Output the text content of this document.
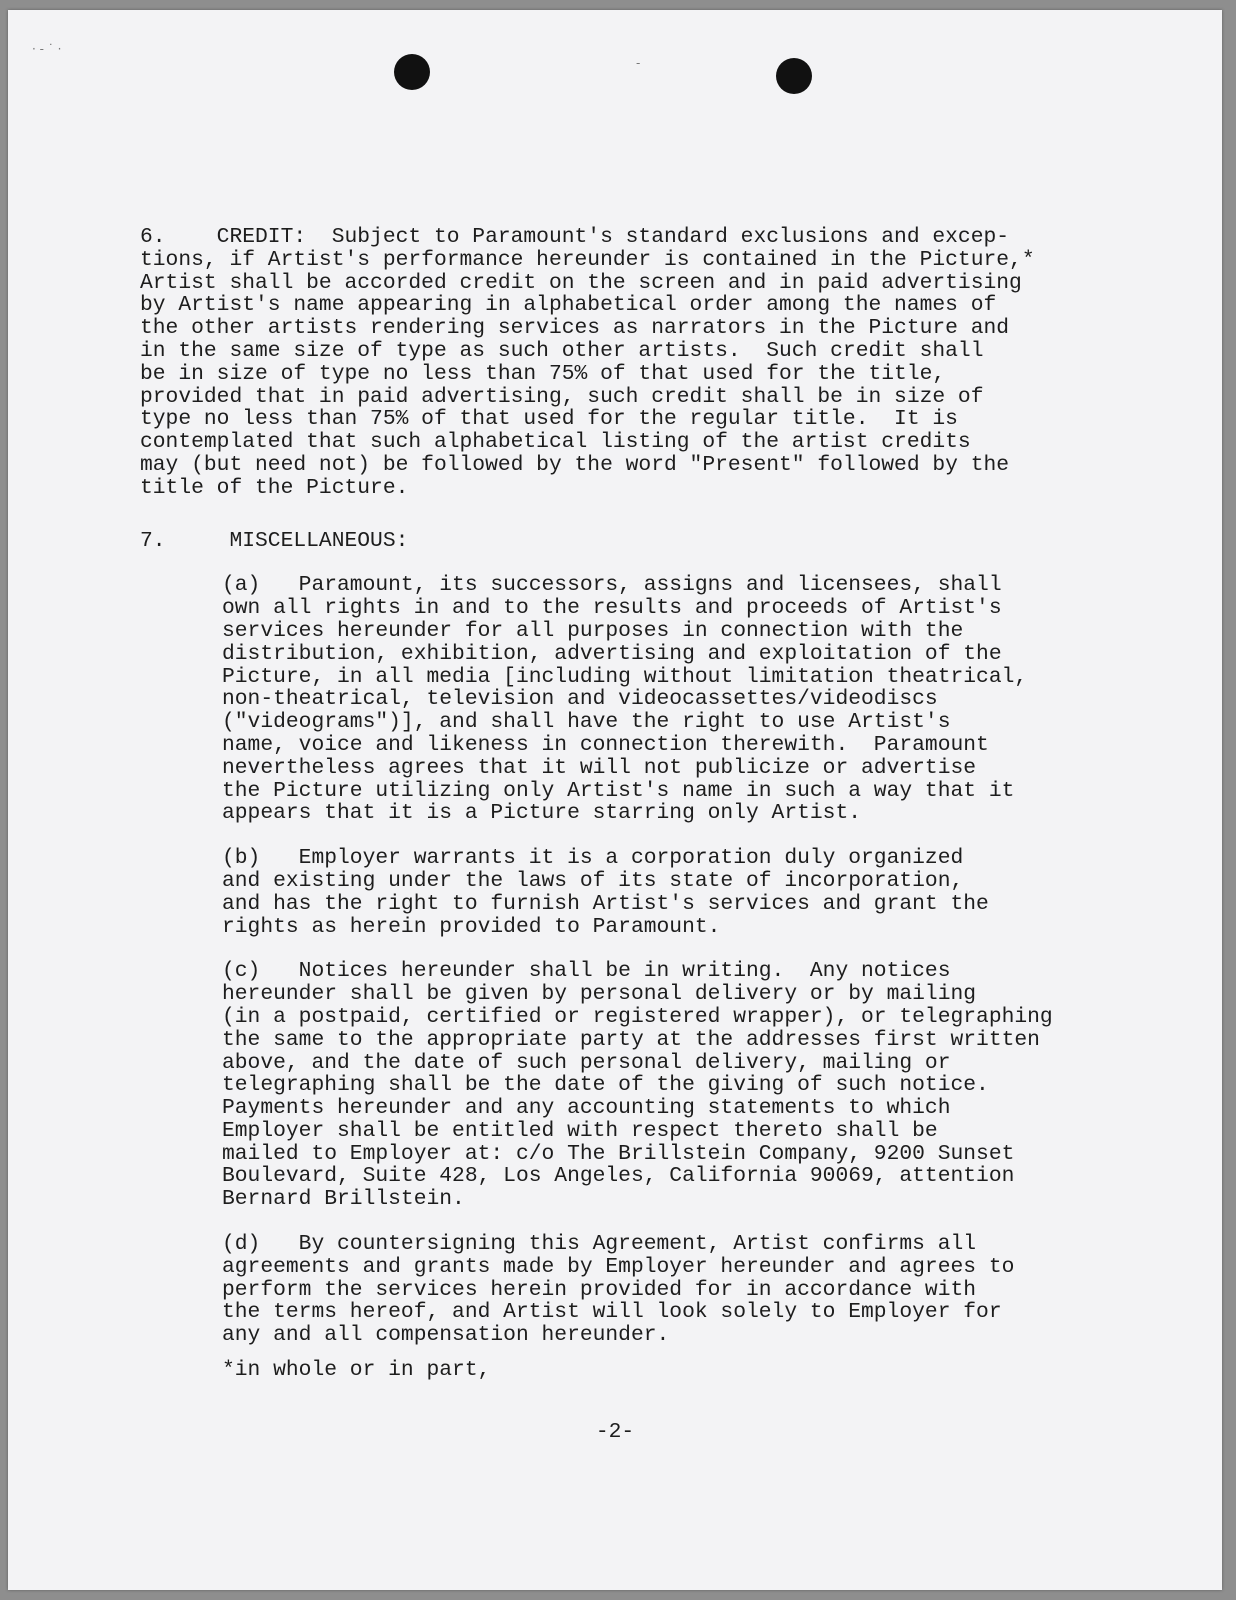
· ‐ ˙ ·
‐
6.    CREDIT:  Subject to Paramount's standard exclusions and excep-
tions, if Artist's performance hereunder is contained in the Picture,*
Artist shall be accorded credit on the screen and in paid advertising
by Artist's name appearing in alphabetical order among the names of
the other artists rendering services as narrators in the Picture and
in the same size of type as such other artists.  Such credit shall
be in size of type no less than 75% of that used for the title,
provided that in paid advertising, such credit shall be in size of
type no less than 75% of that used for the regular title.  It is
contemplated that such alphabetical listing of the artist credits
may (but need not) be followed by the word "Present" followed by the
title of the Picture.
7.	MISCELLANEOUS:
(a)   Paramount, its successors, assigns and licensees, shall
own all rights in and to the results and proceeds of Artist's
services hereunder for all purposes in connection with the
distribution, exhibition, advertising and exploitation of the
Picture, in all media [including without limitation theatrical,
non-theatrical, television and videocassettes/videodiscs
("videograms")], and shall have the right to use Artist's
name, voice and likeness in connection therewith.  Paramount
nevertheless agrees that it will not publicize or advertise
the Picture utilizing only Artist's name in such a way that it
appears that it is a Picture starring only Artist.
(b)   Employer warrants it is a corporation duly organized
and existing under the laws of its state of incorporation,
and has the right to furnish Artist's services and grant the
rights as herein provided to Paramount.
(c)   Notices hereunder shall be in writing.  Any notices
hereunder shall be given by personal delivery or by mailing
(in a postpaid, certified or registered wrapper), or telegraphing
the same to the appropriate party at the addresses first written
above, and the date of such personal delivery, mailing or
telegraphing shall be the date of the giving of such notice.
Payments hereunder and any accounting statements to which
Employer shall be entitled with respect thereto shall be
mailed to Employer at: c/o The Brillstein Company, 9200 Sunset
Boulevard, Suite 428, Los Angeles, California 90069, attention
Bernard Brillstein.
(d)   By countersigning this Agreement, Artist confirms all
agreements and grants made by Employer hereunder and agrees to
perform the services herein provided for in accordance with
the terms hereof, and Artist will look solely to Employer for
any and all compensation hereunder.
*in whole or in part,
-2-
